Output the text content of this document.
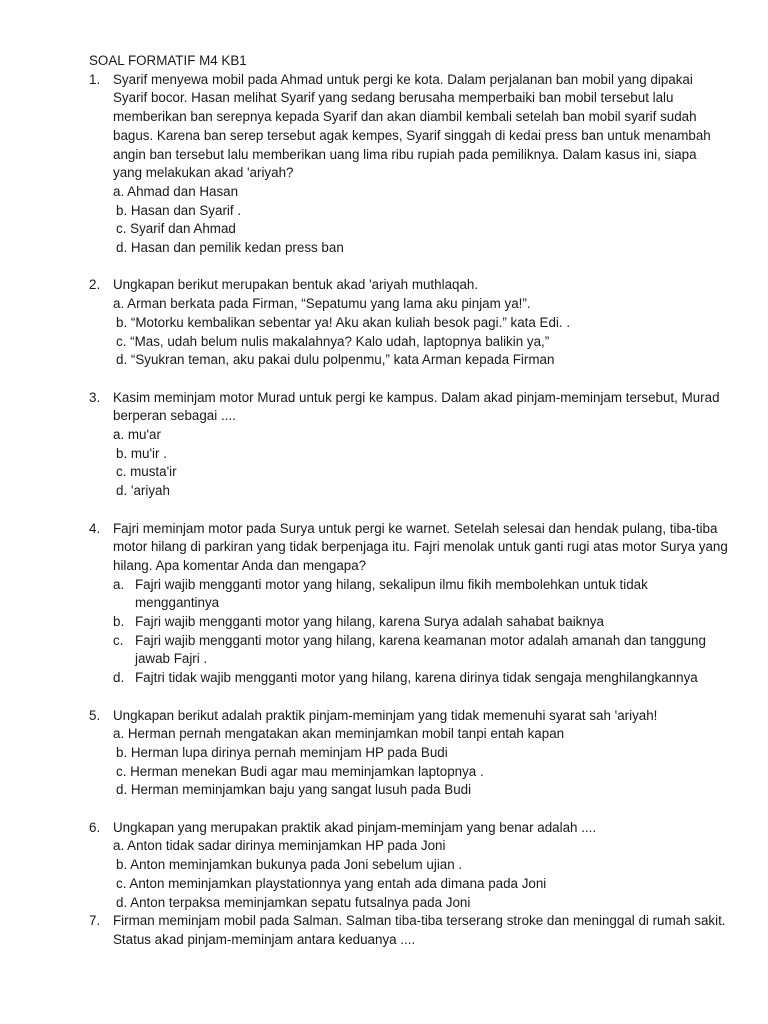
SOAL FORMATIF M4 KB1
1. Syarif menyewa mobil pada Ahmad untuk pergi ke kota. Dalam perjalanan ban mobil yang dipakai Syarif bocor. Hasan melihat Syarif yang sedang berusaha memperbaiki ban mobil tersebut lalu memberikan ban serepnya kepada Syarif dan akan diambil kembali setelah ban mobil syarif sudah bagus. Karena ban serep tersebut agak kempes, Syarif singgah di kedai press ban untuk menambah angin ban tersebut lalu memberikan uang lima ribu rupiah pada pemiliknya. Dalam kasus ini, siapa yang melakukan akad 'ariyah?
a. Ahmad dan Hasan
b. Hasan dan Syarif .
c. Syarif dan Ahmad
d. Hasan dan pemilik kedan press ban
2. Ungkapan berikut merupakan bentuk akad 'ariyah muthlaqah.
a. Arman berkata pada Firman, “Sepatumu yang lama aku pinjam ya!”.
b. “Motorku kembalikan sebentar ya! Aku akan kuliah besok pagi.” kata Edi. .
c. “Mas, udah belum nulis makalahnya? Kalo udah, laptopnya balikin ya,”
d. “Syukran teman, aku pakai dulu polpenmu,” kata Arman kepada Firman
3. Kasim meminjam motor Murad untuk pergi ke kampus. Dalam akad pinjam-meminjam tersebut, Murad berperan sebagai ....
a. mu'ar
b. mu'ir .
c. musta'ir
d. 'ariyah
4. Fajri meminjam motor pada Surya untuk pergi ke warnet. Setelah selesai dan hendak pulang, tiba-tiba motor hilang di parkiran yang tidak berpenjaga itu. Fajri menolak untuk ganti rugi atas motor Surya yang hilang. Apa komentar Anda dan mengapa?
a. Fajri wajib mengganti motor yang hilang, sekalipun ilmu fikih membolehkan untuk tidak menggantinya
b. Fajri wajib mengganti motor yang hilang, karena Surya adalah sahabat baiknya
c. Fajri wajib mengganti motor yang hilang, karena keamanan motor adalah amanah dan tanggung jawab Fajri .
d. Fajtri tidak wajib mengganti motor yang hilang, karena dirinya tidak sengaja menghilangkannya
5. Ungkapan berikut adalah praktik pinjam-meminjam yang tidak memenuhi syarat sah 'ariyah!
a. Herman pernah mengatakan akan meminjamkan mobil tanpi entah kapan
b. Herman lupa dirinya pernah meminjam HP pada Budi
c. Herman menekan Budi agar mau meminjamkan laptopnya .
d. Herman meminjamkan baju yang sangat lusuh pada Budi
6. Ungkapan yang merupakan praktik akad pinjam-meminjam yang benar adalah ....
a. Anton tidak sadar dirinya meminjamkan HP pada Joni
b. Anton meminjamkan bukunya pada Joni sebelum ujian .
c. Anton meminjamkan playstationnya yang entah ada dimana pada Joni
d. Anton terpaksa meminjamkan sepatu futsalnya pada Joni
7. Firman meminjam mobil pada Salman. Salman tiba-tiba terserang stroke dan meninggal di rumah sakit. Status akad pinjam-meminjam antara keduanya ....
